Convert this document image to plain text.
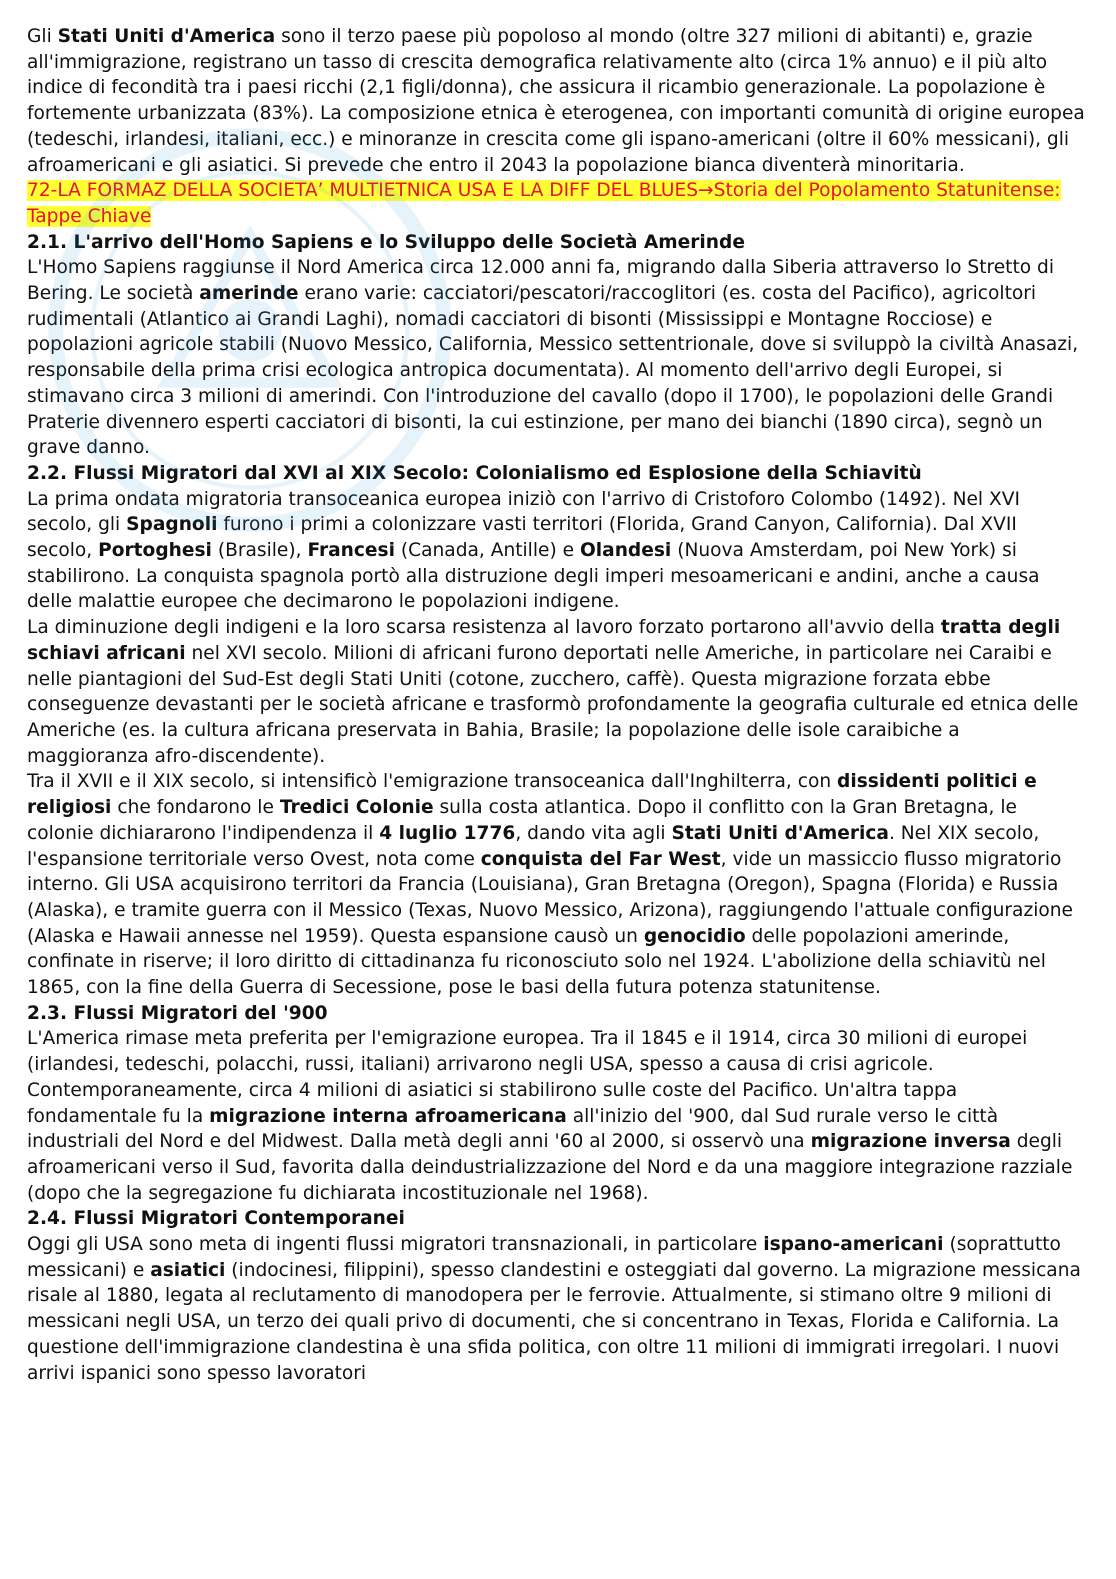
Gli Stati Uniti d'America sono il terzo paese più popoloso al mondo (oltre 327 milioni di abitanti) e, grazie all'immigrazione, registrano un tasso di crescita demografica relativamente alto (circa 1% annuo) e il più alto indice di fecondità tra i paesi ricchi (2,1 figli/donna), che assicura il ricambio generazionale. La popolazione è fortemente urbanizzata (83%). La composizione etnica è eterogenea, con importanti comunità di origine europea (tedeschi, irlandesi, italiani, ecc.) e minoranze in crescita come gli ispano-americani (oltre il 60% messicani), gli afroamericani e gli asiatici. Si prevede che entro il 2043 la popolazione bianca diventerà minoritaria.

72-LA FORMAZ DELLA SOCIETA’ MULTIETNICA USA E LA DIFF DEL BLUES→Storia del Popolamento Statunitense: Tappe Chiave

2.1. L'arrivo dell'Homo Sapiens e lo Sviluppo delle Società Amerinde

L'Homo Sapiens raggiunse il Nord America circa 12.000 anni fa, migrando dalla Siberia attraverso lo Stretto di Bering. Le società amerinde erano varie: cacciatori/pescatori/raccoglitori (es. costa del Pacifico), agricoltori rudimentali (Atlantico ai Grandi Laghi), nomadi cacciatori di bisonti (Mississippi e Montagne Rocciose) e popolazioni agricole stabili (Nuovo Messico, California, Messico settentrionale, dove si sviluppò la civiltà Anasazi, responsabile della prima crisi ecologica antropica documentata). Al momento dell'arrivo degli Europei, si stimavano circa 3 milioni di amerindi. Con l'introduzione del cavallo (dopo il 1700), le popolazioni delle Grandi Praterie divennero esperti cacciatori di bisonti, la cui estinzione, per mano dei bianchi (1890 circa), segnò un grave danno.

2.2. Flussi Migratori dal XVI al XIX Secolo: Colonialismo ed Esplosione della Schiavitù

La prima ondata migratoria transoceanica europea iniziò con l'arrivo di Cristoforo Colombo (1492). Nel XVI secolo, gli Spagnoli furono i primi a colonizzare vasti territori (Florida, Grand Canyon, California). Dal XVII secolo, Portoghesi (Brasile), Francesi (Canada, Antille) e Olandesi (Nuova Amsterdam, poi New York) si stabilirono. La conquista spagnola portò alla distruzione degli imperi mesoamericani e andini, anche a causa delle malattie europee che decimarono le popolazioni indigene.

La diminuzione degli indigeni e la loro scarsa resistenza al lavoro forzato portarono all'avvio della tratta degli schiavi africani nel XVI secolo. Milioni di africani furono deportati nelle Americhe, in particolare nei Caraibi e nelle piantagioni del Sud-Est degli Stati Uniti (cotone, zucchero, caffè). Questa migrazione forzata ebbe conseguenze devastanti per le società africane e trasformò profondamente la geografia culturale ed etnica delle Americhe (es. la cultura africana preservata in Bahia, Brasile; la popolazione delle isole caraibiche a maggioranza afro-discendente).

Tra il XVII e il XIX secolo, si intensificò l'emigrazione transoceanica dall'Inghilterra, con dissidenti politici e religiosi che fondarono le Tredici Colonie sulla costa atlantica. Dopo il conflitto con la Gran Bretagna, le colonie dichiararono l'indipendenza il 4 luglio 1776, dando vita agli Stati Uniti d'America. Nel XIX secolo, l'espansione territoriale verso Ovest, nota come conquista del Far West, vide un massiccio flusso migratorio interno. Gli USA acquisirono territori da Francia (Louisiana), Gran Bretagna (Oregon), Spagna (Florida) e Russia (Alaska), e tramite guerra con il Messico (Texas, Nuovo Messico, Arizona), raggiungendo l'attuale configurazione (Alaska e Hawaii annesse nel 1959). Questa espansione causò un genocidio delle popolazioni amerinde, confinate in riserve; il loro diritto di cittadinanza fu riconosciuto solo nel 1924. L'abolizione della schiavitù nel 1865, con la fine della Guerra di Secessione, pose le basi della futura potenza statunitense.

2.3. Flussi Migratori del '900

L'America rimase meta preferita per l'emigrazione europea. Tra il 1845 e il 1914, circa 30 milioni di europei (irlandesi, tedeschi, polacchi, russi, italiani) arrivarono negli USA, spesso a causa di crisi agricole. Contemporaneamente, circa 4 milioni di asiatici si stabilirono sulle coste del Pacifico. Un'altra tappa fondamentale fu la migrazione interna afroamericana all'inizio del '900, dal Sud rurale verso le città industriali del Nord e del Midwest. Dalla metà degli anni '60 al 2000, si osservò una migrazione inversa degli afroamericani verso il Sud, favorita dalla deindustrializzazione del Nord e da una maggiore integrazione razziale (dopo che la segregazione fu dichiarata incostituzionale nel 1968).

2.4. Flussi Migratori Contemporanei

Oggi gli USA sono meta di ingenti flussi migratori transnazionali, in particolare ispano-americani (soprattutto messicani) e asiatici (indocinesi, filippini), spesso clandestini e osteggiati dal governo. La migrazione messicana risale al 1880, legata al reclutamento di manodopera per le ferrovie. Attualmente, si stimano oltre 9 milioni di messicani negli USA, un terzo dei quali privo di documenti, che si concentrano in Texas, Florida e California. La questione dell'immigrazione clandestina è una sfida politica, con oltre 11 milioni di immigrati irregolari. I nuovi arrivi ispanici sono spesso lavoratori
